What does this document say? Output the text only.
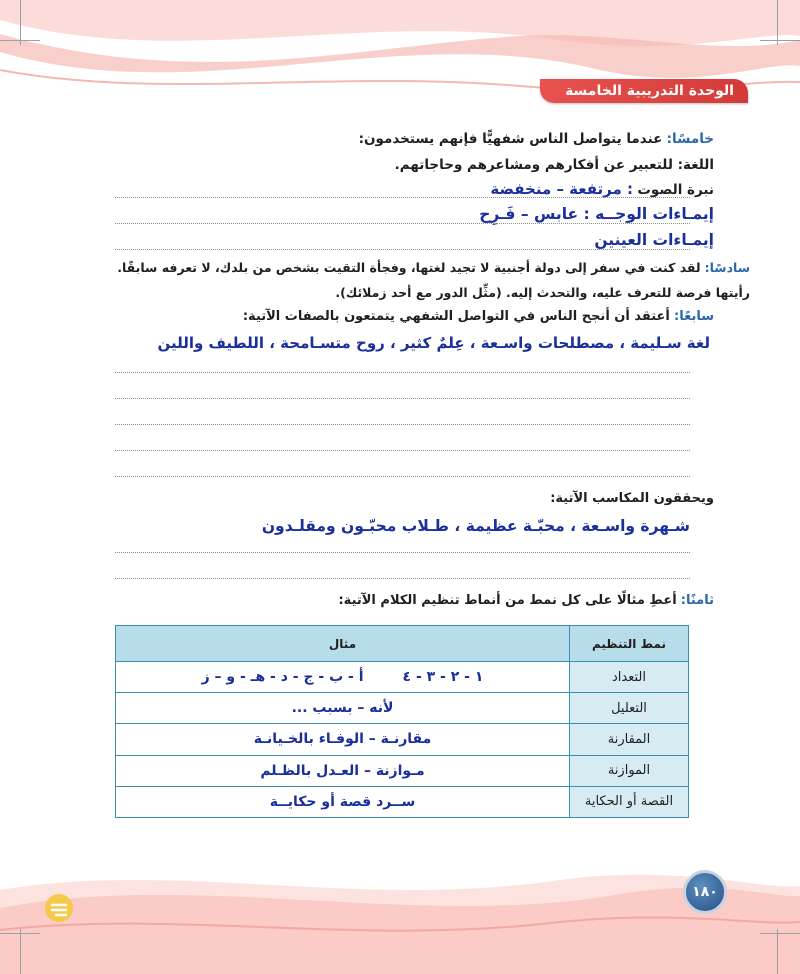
الوحدة التدريبية الخامسة
خامسًا: عندما يتواصل الناس شفهيًّا فإنهم يستخدمون:
اللغة: للتعبير عن أفكارهم ومشاعرهم وحاجاتهم.
نبرة الصوت : مرتفعة – منخفضة
إيمـاءات الوجــه : عابس – فَـرِح
إيمـاءات العينين
سادسًا: لقد كنت في سفر إلى دولة أجنبية لا تجيد لغتها، وفجأة التقيت بشخص من بلدك، لا تعرفه سابقًا.
رأيتها فرصة للتعرف عليه، والتحدث إليه. (مثِّل الدور مع أحد زملائك).
سابعًا: أعتقد أن أنجح الناس في التواصل الشفهي يتمتعون بالصفات الآتية:
لغة سـليمة ، مصطلحات واسـعة ، عِلمٌ كثير ، روح متسـامحة ، اللطيف واللين
ويحققون المكاسب الآتية:
شـهرة واسـعة ، محبّـة عظيمة ، طـلاب محبّـون ومقلـدون
ثامنًا: أعطِ مثالًا على كل نمط من أنماط تنظيم الكلام الآتية:
نمط التنظيم	مثال
التعداد	١ - ٢ - ٣ - ٤        أ - ب - ج - د - هـ - و – ز
التعليل	لأنه – بسبب ...
المقارنة	مقارنـة – الوفـاء بالخـيانـة
الموازنة	مـوازنة – العـدل بالظـلم
القصة أو الحكاية	ســرد قصة أو حكايــة
١٨٠
